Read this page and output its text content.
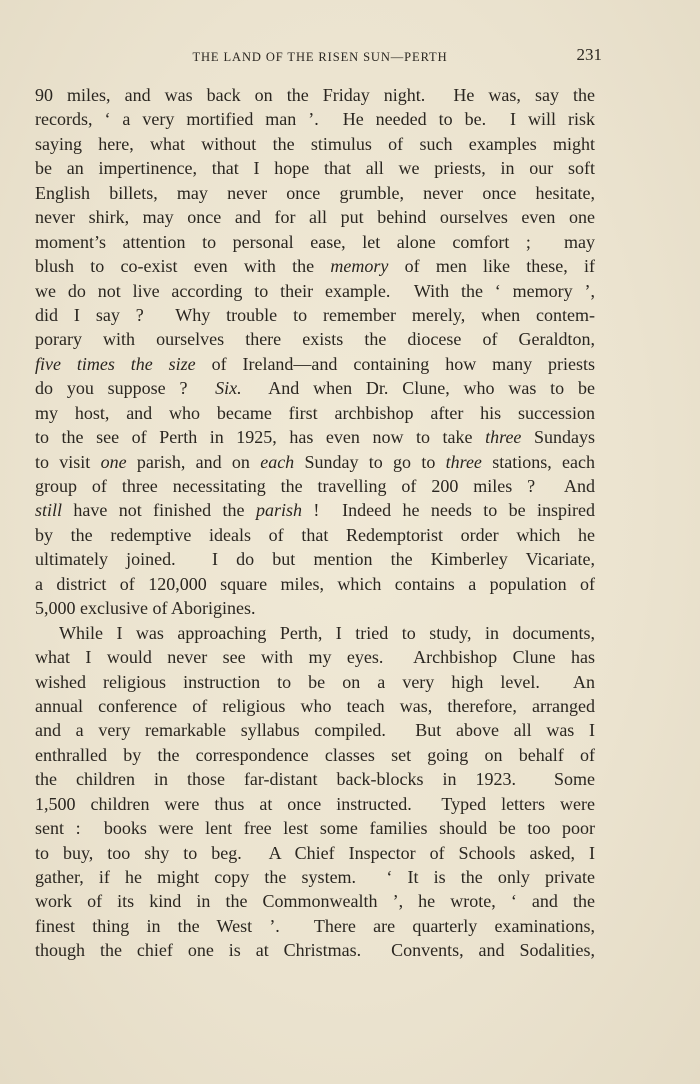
THE LAND OF THE RISEN SUN—PERTH	231
90 miles, and was back on the Friday night.  He was, say the
records, ‘ a very mortified man ’.  He needed to be.  I will risk
saying here, what without the stimulus of such examples might
be an impertinence, that I hope that all we priests, in our soft
English billets, may never once grumble, never once hesitate,
never shirk, may once and for all put behind ourselves even one
moment’s attention to personal ease, let alone comfort ;  may
blush to co-exist even with the memory of men like these, if
we do not live according to their example.  With the ‘ memory ’,
did I say ?  Why trouble to remember merely, when contem-
porary with ourselves there exists the diocese of Geraldton,
five times the size of Ireland—and containing how many priests
do you suppose ?  Six.  And when Dr. Clune, who was to be
my host, and who became first archbishop after his succession
to the see of Perth in 1925, has even now to take three Sundays
to visit one parish, and on each Sunday to go to three stations, each
group of three necessitating the travelling of 200 miles ?  And
still have not finished the parish !  Indeed he needs to be inspired
by the redemptive ideals of that Redemptorist order which he
ultimately joined.  I do but mention the Kimberley Vicariate,
a district of 120,000 square miles, which contains a population of
5,000 exclusive of Aborigines.
While I was approaching Perth, I tried to study, in documents,
what I would never see with my eyes.  Archbishop Clune has
wished religious instruction to be on a very high level.  An
annual conference of religious who teach was, therefore, arranged
and a very remarkable syllabus compiled.  But above all was I
enthralled by the correspondence classes set going on behalf of
the children in those far-distant back-blocks in 1923.  Some
1,500 children were thus at once instructed.  Typed letters were
sent :  books were lent free lest some families should be too poor
to buy, too shy to beg.  A Chief Inspector of Schools asked, I
gather, if he might copy the system.  ‘ It is the only private
work of its kind in the Commonwealth ’, he wrote, ‘ and the
finest thing in the West ’.  There are quarterly examinations,
though the chief one is at Christmas.  Convents, and Sodalities,
